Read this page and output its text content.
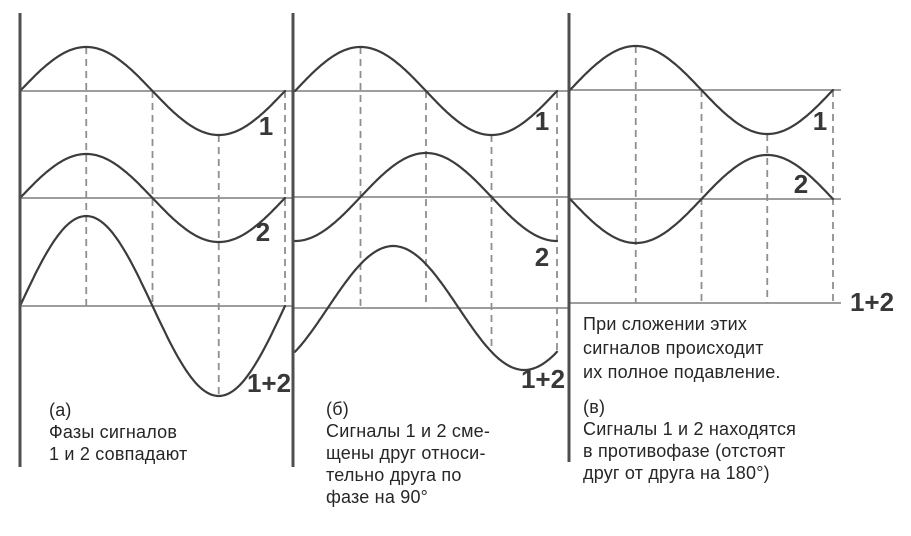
1
2
1+2
1
2
1+2
1
2
1+2
(а)
Фазы сигналов
1 и 2 совпадают
(б)
Сигналы 1 и 2 сме-
щены друг относи-
тельно друга по
фазе на 90°
При сложении этих
сигналов происходит
их полное подавление.
(в)
Сигналы 1 и 2 находятся
в противофазе (отстоят
друг от друга на 180°)
